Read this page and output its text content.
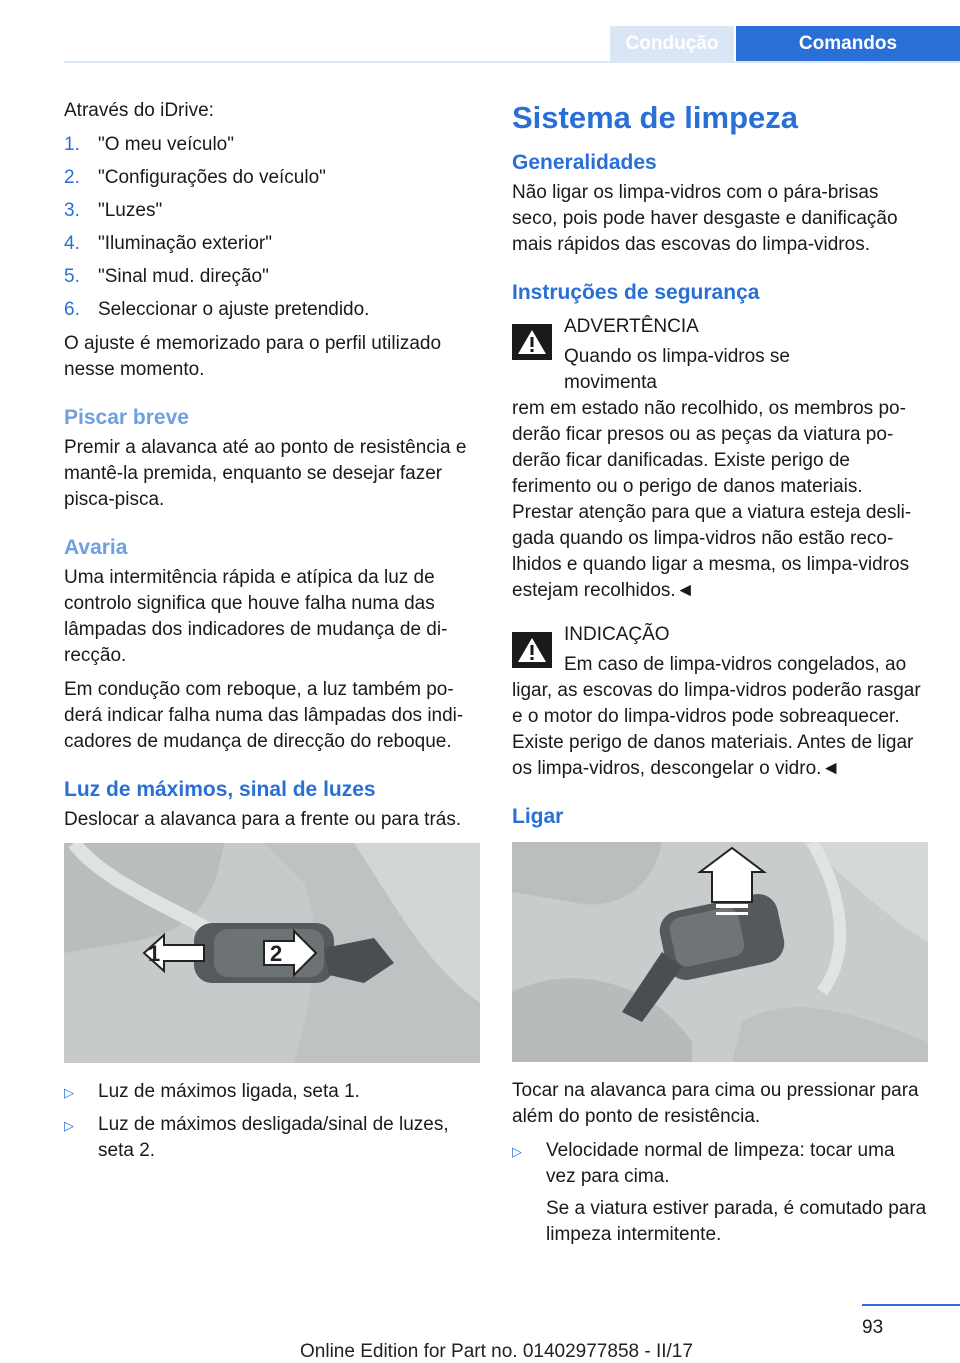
Condução	Comandos

Através do iDrive:

1. "O meu veículo"
2. "Configurações do veículo"
3. "Luzes"
4. "Iluminação exterior"
5. "Sinal mud. direção"
6. Seleccionar o ajuste pretendido.

O ajuste é memorizado para o perfil utilizado nesse momento.

Piscar breve

Premir a alavanca até ao ponto de resistência e mantê-la premida, enquanto se desejar fazer pisca-pisca.

Avaria

Uma intermitência rápida e atípica da luz de controlo significa que houve falha numa das lâmpadas dos indicadores de mudança de direcção.

Em condução com reboque, a luz também poderá indicar falha numa das lâmpadas dos indicadores de mudança de direcção do reboque.

Luz de máximos, sinal de luzes

Deslocar a alavanca para a frente ou para trás.

1	2
▷	Luz de máximos ligada, seta 1.
▷	Luz de máximos desligada/sinal de luzes, seta 2.
Sistema de limpeza
Generalidades

Não ligar os limpa-vidros com o pára-brisas seco, pois pode haver desgaste e danificação mais rápidos das escovas do limpa-vidros.

Instruções de segurança
ADVERTÊNCIA
Quando os limpa-vidros se movimenta
rem em estado não recolhido, os membros poderão ficar presos ou as peças da viatura poderão ficar danificadas. Existe perigo de ferimento ou o perigo de danos materiais. Prestar atenção para que a viatura esteja desligada quando os limpa-vidros não estão recolhidos e quando ligar a mesma, os limpa-vidros estejam recolhidos.◄
INDICAÇÃO
Em caso de limpa-vidros congelados, ao
ligar, as escovas do limpa-vidros poderão rasgar e o motor do limpa-vidros pode sobreaquecer. Existe perigo de danos materiais. Antes de ligar os limpa-vidros, descongelar o vidro.◄
Ligar

Tocar na alavanca para cima ou pressionar para além do ponto de resistência.

▷	Velocidade normal de limpeza: tocar uma vez para cima.

Se a viatura estiver parada, é comutado para limpeza intermitente.

93
Online Edition for Part no. 01402977858 - II/17
